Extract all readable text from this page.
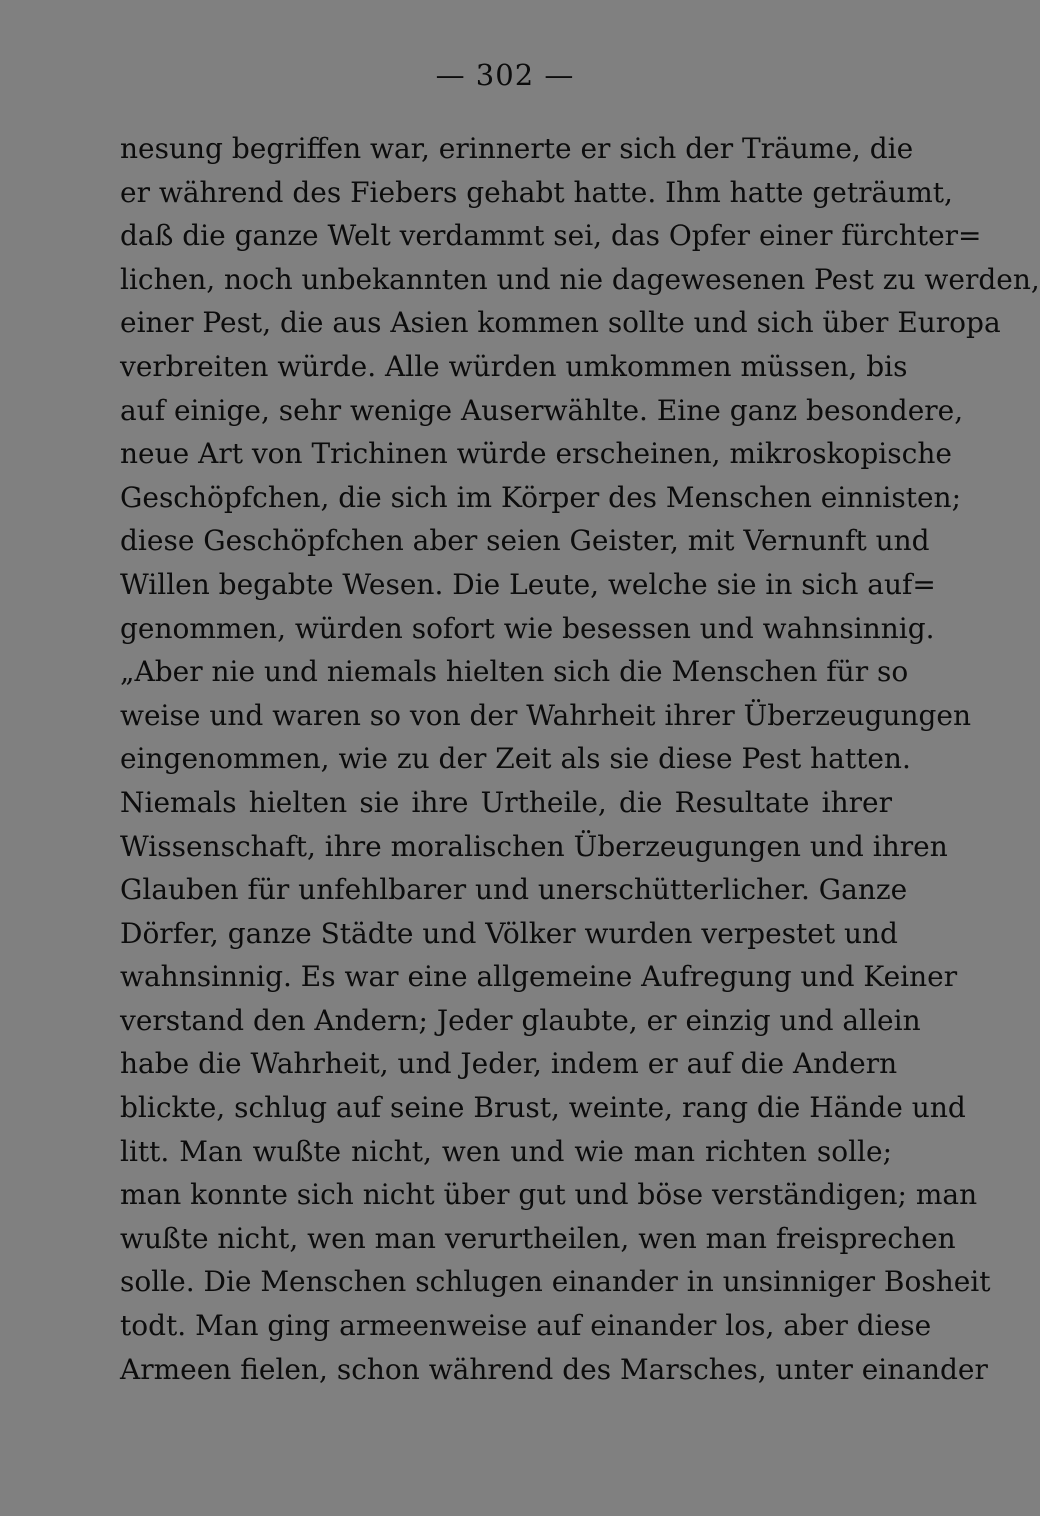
— 302 —
nesung begriffen war, erinnerte er sich der Träume, die
er während des Fiebers gehabt hatte. Ihm hatte geträumt,
daß die ganze Welt verdammt sei, das Opfer einer fürchter=
lichen, noch unbekannten und nie dagewesenen Pest zu werden,
einer Pest, die aus Asien kommen sollte und sich über Europa
verbreiten würde. Alle würden umkommen müssen, bis
auf einige, sehr wenige Auserwählte. Eine ganz besondere,
neue Art von Trichinen würde erscheinen, mikroskopische
Geschöpfchen, die sich im Körper des Menschen einnisten;
diese Geschöpfchen aber seien Geister, mit Vernunft und
Willen begabte Wesen. Die Leute, welche sie in sich auf=
genommen, würden sofort wie besessen und wahnsinnig.
„Aber nie und niemals hielten sich die Menschen für so
weise und waren so von der Wahrheit ihrer Überzeugungen
eingenommen, wie zu der Zeit als sie diese Pest hatten.
Niemals hielten sie ihre Urtheile, die Resultate ihrer
Wissenschaft, ihre moralischen Überzeugungen und ihren
Glauben für unfehlbarer und unerschütterlicher. Ganze
Dörfer, ganze Städte und Völker wurden verpestet und
wahnsinnig. Es war eine allgemeine Aufregung und Keiner
verstand den Andern; Jeder glaubte, er einzig und allein
habe die Wahrheit, und Jeder, indem er auf die Andern
blickte, schlug auf seine Brust, weinte, rang die Hände und
litt. Man wußte nicht, wen und wie man richten solle;
man konnte sich nicht über gut und böse verständigen; man
wußte nicht, wen man verurtheilen, wen man freisprechen
solle. Die Menschen schlugen einander in unsinniger Bosheit
todt. Man ging armeenweise auf einander los, aber diese
Armeen fielen, schon während des Marsches, unter einander
